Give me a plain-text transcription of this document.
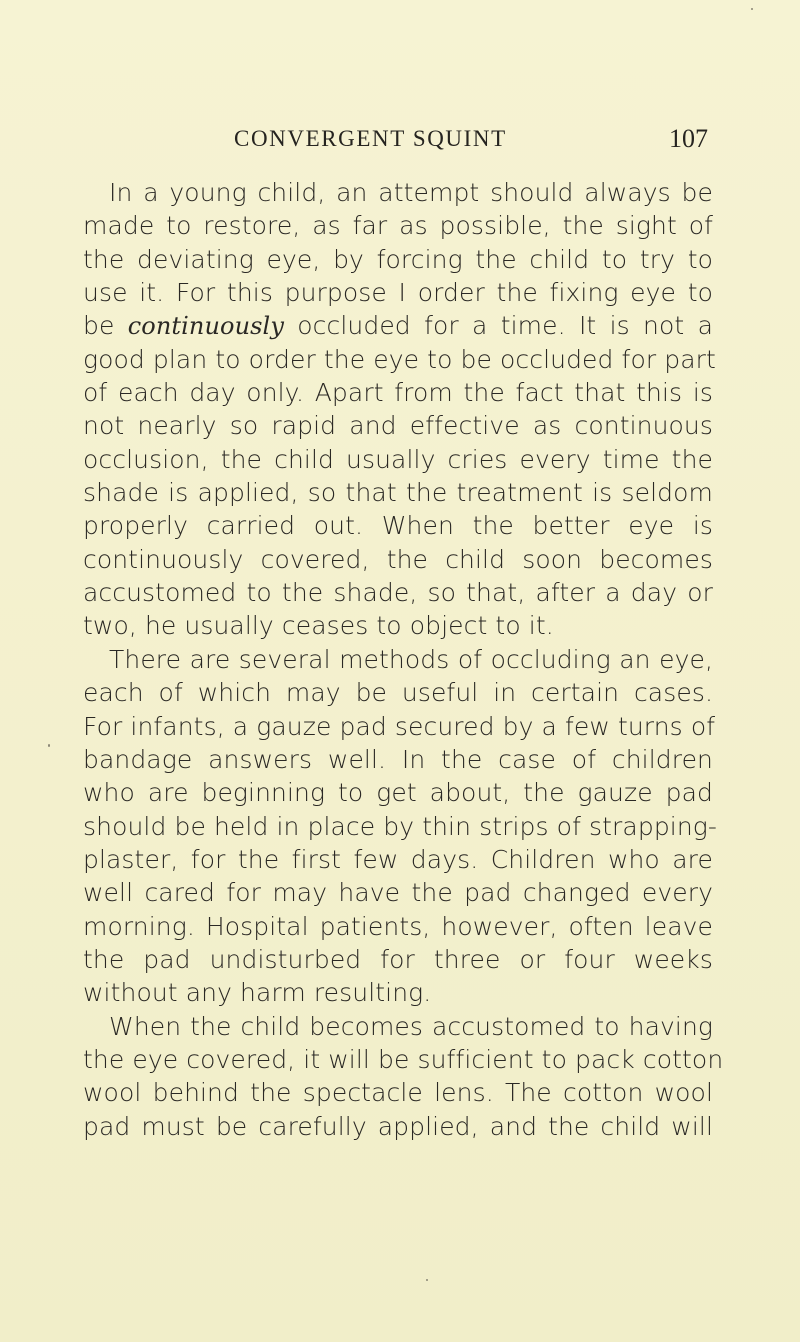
CONVERGENT SQUINT	107
In a young child, an attempt should always be
made to restore, as far as possible, the sight of
the deviating eye, by forcing the child to try to
use it. For this purpose I order the fixing eye to
be continuously occluded for a time. It is not a
good plan to order the eye to be occluded for part
of each day only. Apart from the fact that this is
not nearly so rapid and effective as continuous
occlusion, the child usually cries every time the
shade is applied, so that the treatment is seldom
properly carried out. When the better eye is
continuously covered, the child soon becomes
accustomed to the shade, so that, after a day or
two, he usually ceases to object to it.
There are several methods of occluding an eye,
each of which may be useful in certain cases.
For infants, a gauze pad secured by a few turns of
bandage answers well. In the case of children
who are beginning to get about, the gauze pad
should be held in place by thin strips of strapping-
plaster, for the first few days. Children who are
well cared for may have the pad changed every
morning. Hospital patients, however, often leave
the pad undisturbed for three or four weeks
without any harm resulting.
When the child becomes accustomed to having
the eye covered, it will be sufficient to pack cotton
wool behind the spectacle lens. The cotton wool
pad must be carefully applied, and the child will
